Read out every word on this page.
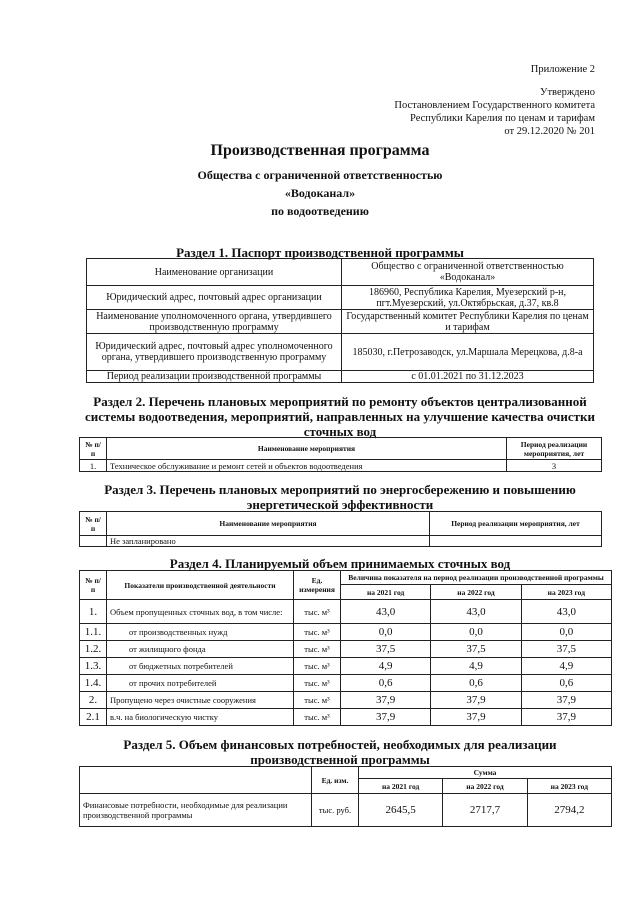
Приложение 2
Утверждено
Постановлением Государственного комитета
Республики Карелия по ценам и тарифам
от 29.12.2020 № 201
Производственная программа
Общества с ограниченной ответственностью
«Водоканал»
по водоотведению
Раздел 1. Паспорт производственной программы
Наименование организации	Общество с ограниченной ответственностью «Водоканал»
Юридический адрес, почтовый адрес организации	186960, Республика Карелия, Муезерский р-н, пгт.Муезерский, ул.Октябрьская, д.37, кв.8
Наименование уполномоченного органа, утвердившего производственную программу	Государственный комитет Республики Карелия по ценам и тарифам
Юридический адрес, почтовый адрес уполномоченного органа, утвердившего производственную программу	185030, г.Петрозаводск, ул.Маршала Мерецкова, д.8-а
Период реализации производственной программы	с 01.01.2021 по 31.12.2023
Раздел 2. Перечень плановых мероприятий по ремонту объектов централизованной
системы водоотведения, мероприятий, направленных на улучшение качества очистки
сточных вод
№ п/п	Наименование мероприятия	Период реализации мероприятия, лет
1.	Техническое обслуживание и ремонт сетей и объектов водоотведения	3
Раздел 3. Перечень плановых мероприятий по энергосбережению и повышению
энергетической эффективности
№ п/п	Наименование мероприятия	Период реализации мероприятия, лет
	Не запланировано	
Раздел 4. Планируемый объем принимаемых сточных вод
№ п/п	Показатели производственной деятельности	Ед. измерения	Величина показателя на период реализации производственной программы		
			на 2021 год	на 2022 год	на 2023 год
1.	Объем пропущенных сточных вод, в том числе:	тыс. м³	43,0	43,0	43,0
1.1.	от производственных нужд	тыс. м³	0,0	0,0	0,0
1.2.	от жилищного фонда	тыс. м³	37,5	37,5	37,5
1.3.	от бюджетных потребителей	тыс. м³	4,9	4,9	4,9
1.4.	от прочих потребителей	тыс. м³	0,6	0,6	0,6
2.	Пропущено через очистные сооружения	тыс. м³	37,9	37,9	37,9
2.1	в.ч. на биологическую чистку	тыс. м³	37,9	37,9	37,9
Раздел 5. Объем финансовых потребностей, необходимых для реализации
производственной программы
	Ед. изм.	Сумма		
		на 2021 год	на 2022 год	на 2023 год
Финансовые потребности, необходимые для реализации производственной программы	тыс. руб.	2645,5	2717,7	2794,2
